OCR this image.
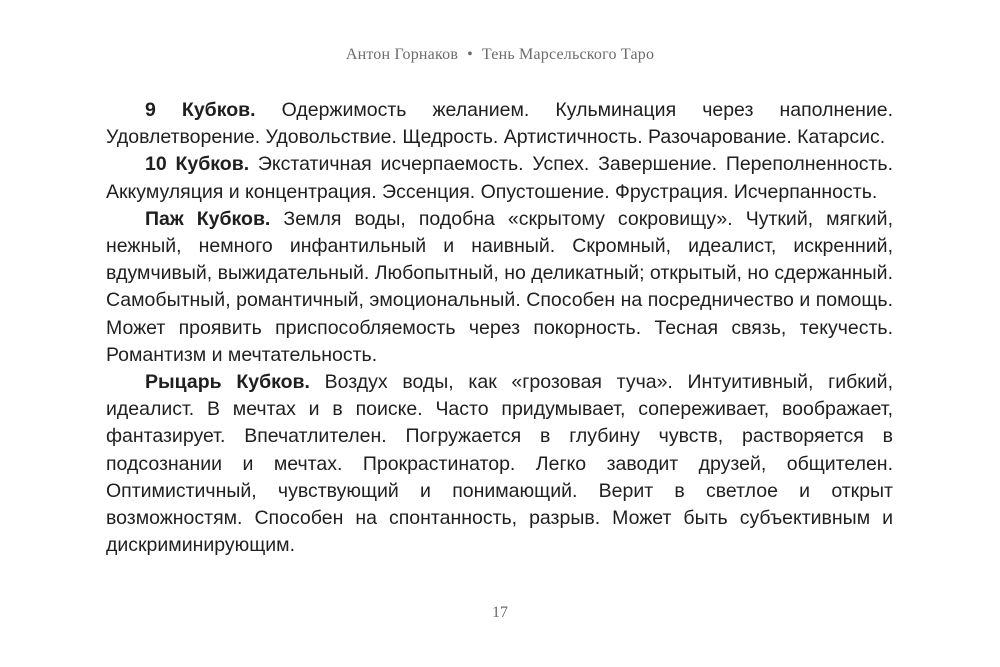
Антон Горнаков • Тень Марсельского Таро

9 Кубков. Одержимость желанием. Кульминация через наполнение. Удовлетворение. Удовольствие. Щедрость. Артистичность. Разочарование. Катарсис.

10 Кубков. Экстатичная исчерпаемость. Успех. Завершение. Переполненность. Аккумуляция и концентрация. Эссенция. Опустошение. Фрустрация. Исчерпанность.

Паж Кубков. Земля воды, подобна «скрытому сокровищу». Чуткий, мягкий, нежный, немного инфантильный и наивный. Скромный, идеалист, искренний, вдумчивый, выжидательный. Любопытный, но деликатный; открытый, но сдержанный. Самобытный, романтичный, эмоциональный. Способен на посредничество и помощь. Может проявить приспособляемость через покорность. Тесная связь, текучесть. Романтизм и мечтательность.

Рыцарь Кубков. Воздух воды, как «грозовая туча». Интуитивный, гибкий, идеалист. В мечтах и в поиске. Часто придумывает, сопереживает, воображает, фантазирует. Впечатлителен. Погружается в глубину чувств, растворяется в подсознании и мечтах. Прокрастинатор. Легко заводит друзей, общителен. Оптимистичный, чувствующий и понимающий. Верит в светлое и открыт возможностям. Способен на спонтанность, разрыв. Может быть субъективным и дискриминирующим.

17
